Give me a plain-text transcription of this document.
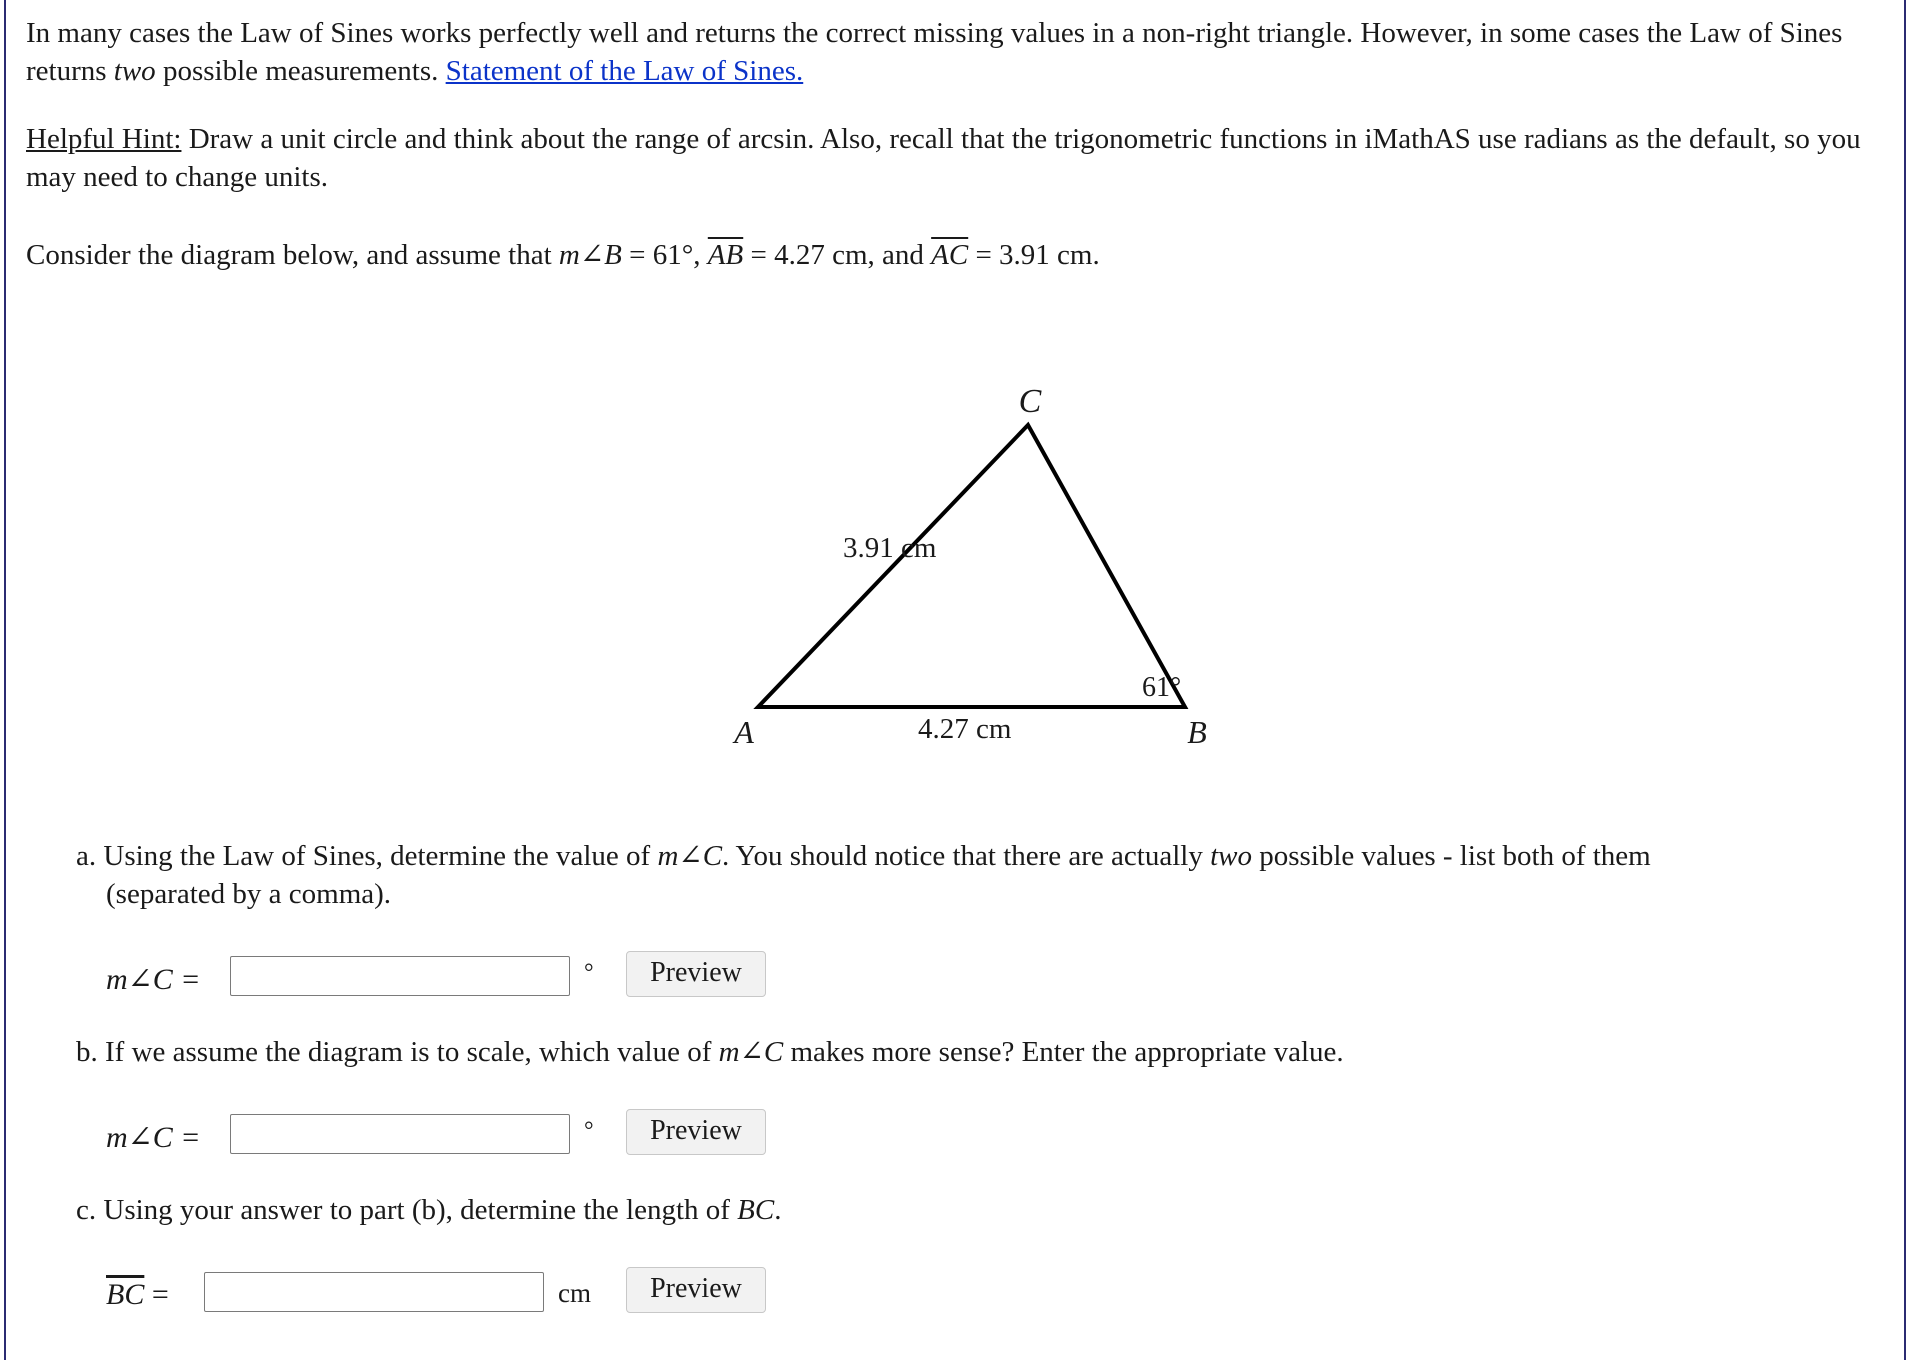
In many cases the Law of Sines works perfectly well and returns the correct missing values in a non-right triangle. However, in some cases the Law of Sines returns two possible measurements. Statement of the Law of Sines.

Helpful Hint: Draw a unit circle and think about the range of arcsin. Also, recall that the trigonometric functions in iMathAS use radians as the default, so you may need to change units.

Consider the diagram below, and assume that m∠B = 61°, $\overline{AB} = 4.27$ cm, and $\overline{AC} = 3.91$ cm.

C
A	B
3.91 cm
4.27 cm
61°
a. Using the Law of Sines, determine the value of m∠C. You should notice that there are actually two possible values - list both of them
(separated by a comma).
m∠C =	°	Preview
b. If we assume the diagram is to scale, which value of m∠C makes more sense? Enter the appropriate value.
m∠C =	°	Preview
c. Using your answer to part (b), determine the length of BC.
$\overline{BC}$ =	cm	Preview
